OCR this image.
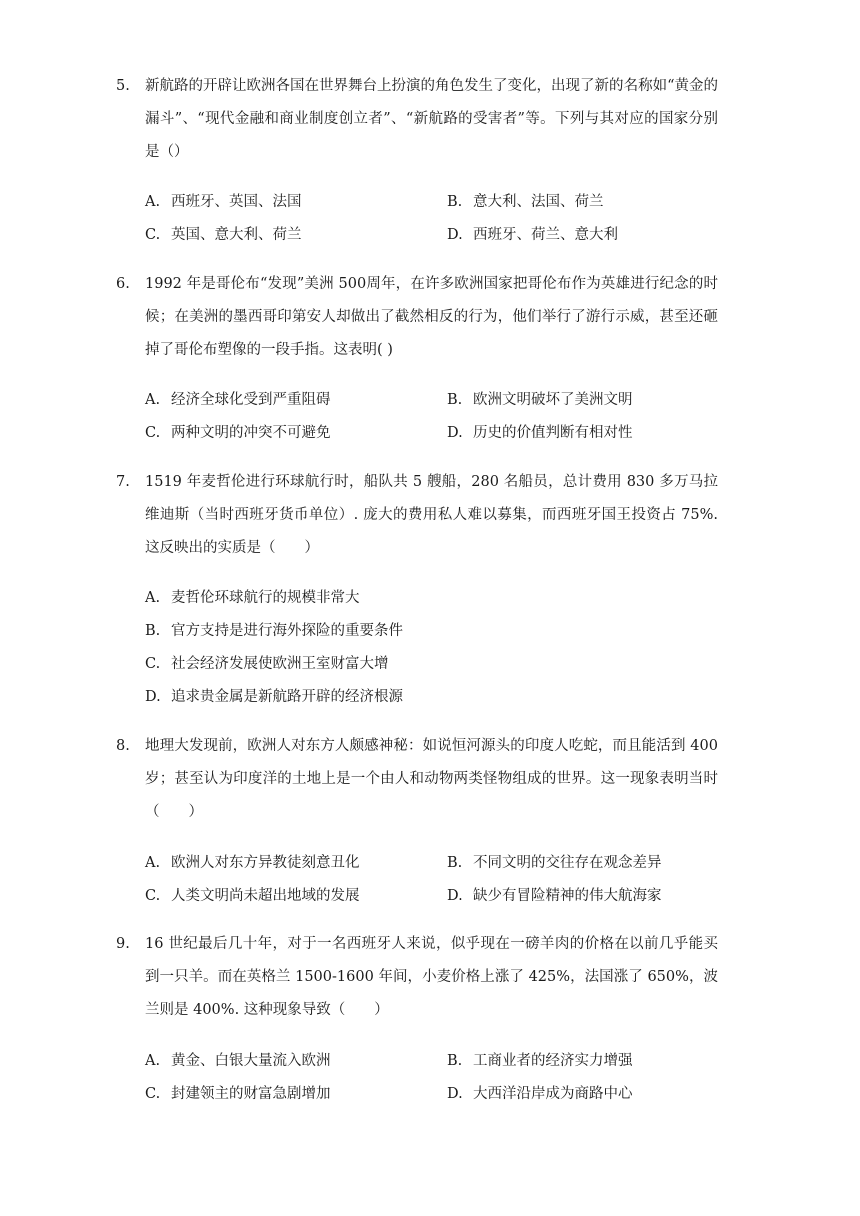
5.	新航路的开辟让欧洲各国在世界舞台上扮演的角色发生了变化，出现了新的名称如“黄金的漏斗”、“现代金融和商业制度创立者”、“新航路的受害者”等。下列与其对应的国家分别是（）
A. 西班牙、英国、法国	B. 意大利、法国、荷兰
C. 英国、意大利、荷兰	D. 西班牙、荷兰、意大利
6.	1992 年是哥伦布“发现”美洲 500周年，在许多欧洲国家把哥伦布作为英雄进行纪念的时候；在美洲的墨西哥印第安人却做出了截然相反的行为，他们举行了游行示威，甚至还砸掉了哥伦布塑像的一段手指。这表明( )
A. 经济全球化受到严重阻碍	B. 欧洲文明破坏了美洲文明
C. 两种文明的冲突不可避免	D. 历史的价值判断有相对性
7.	1519 年麦哲伦进行环球航行时，船队共 5 艘船，280 名船员，总计费用 830 多万马拉维迪斯（当时西班牙货币单位）. 庞大的费用私人难以募集，而西班牙国王投资占 75%. 这反映出的实质是（　　）
A. 麦哲伦环球航行的规模非常大
B. 官方支持是进行海外探险的重要条件
C. 社会经济发展使欧洲王室财富大增
D. 追求贵金属是新航路开辟的经济根源
8.	地理大发现前，欧洲人对东方人颇感神秘：如说恒河源头的印度人吃蛇，而且能活到 400 岁；甚至认为印度洋的土地上是一个由人和动物两类怪物组成的世界。这一现象表明当时（　　）
A. 欧洲人对东方异教徒刻意丑化	B. 不同文明的交往存在观念差异
C. 人类文明尚未超出地域的发展	D. 缺少有冒险精神的伟大航海家
9.	16 世纪最后几十年，对于一名西班牙人来说，似乎现在一磅羊肉的价格在以前几乎能买到一只羊。而在英格兰 1500-1600 年间，小麦价格上涨了 425%，法国涨了 650%，波兰则是 400%. 这种现象导致（　　）
A. 黄金、白银大量流入欧洲	B. 工商业者的经济实力增强
C. 封建领主的财富急剧增加	D. 大西洋沿岸成为商路中心
